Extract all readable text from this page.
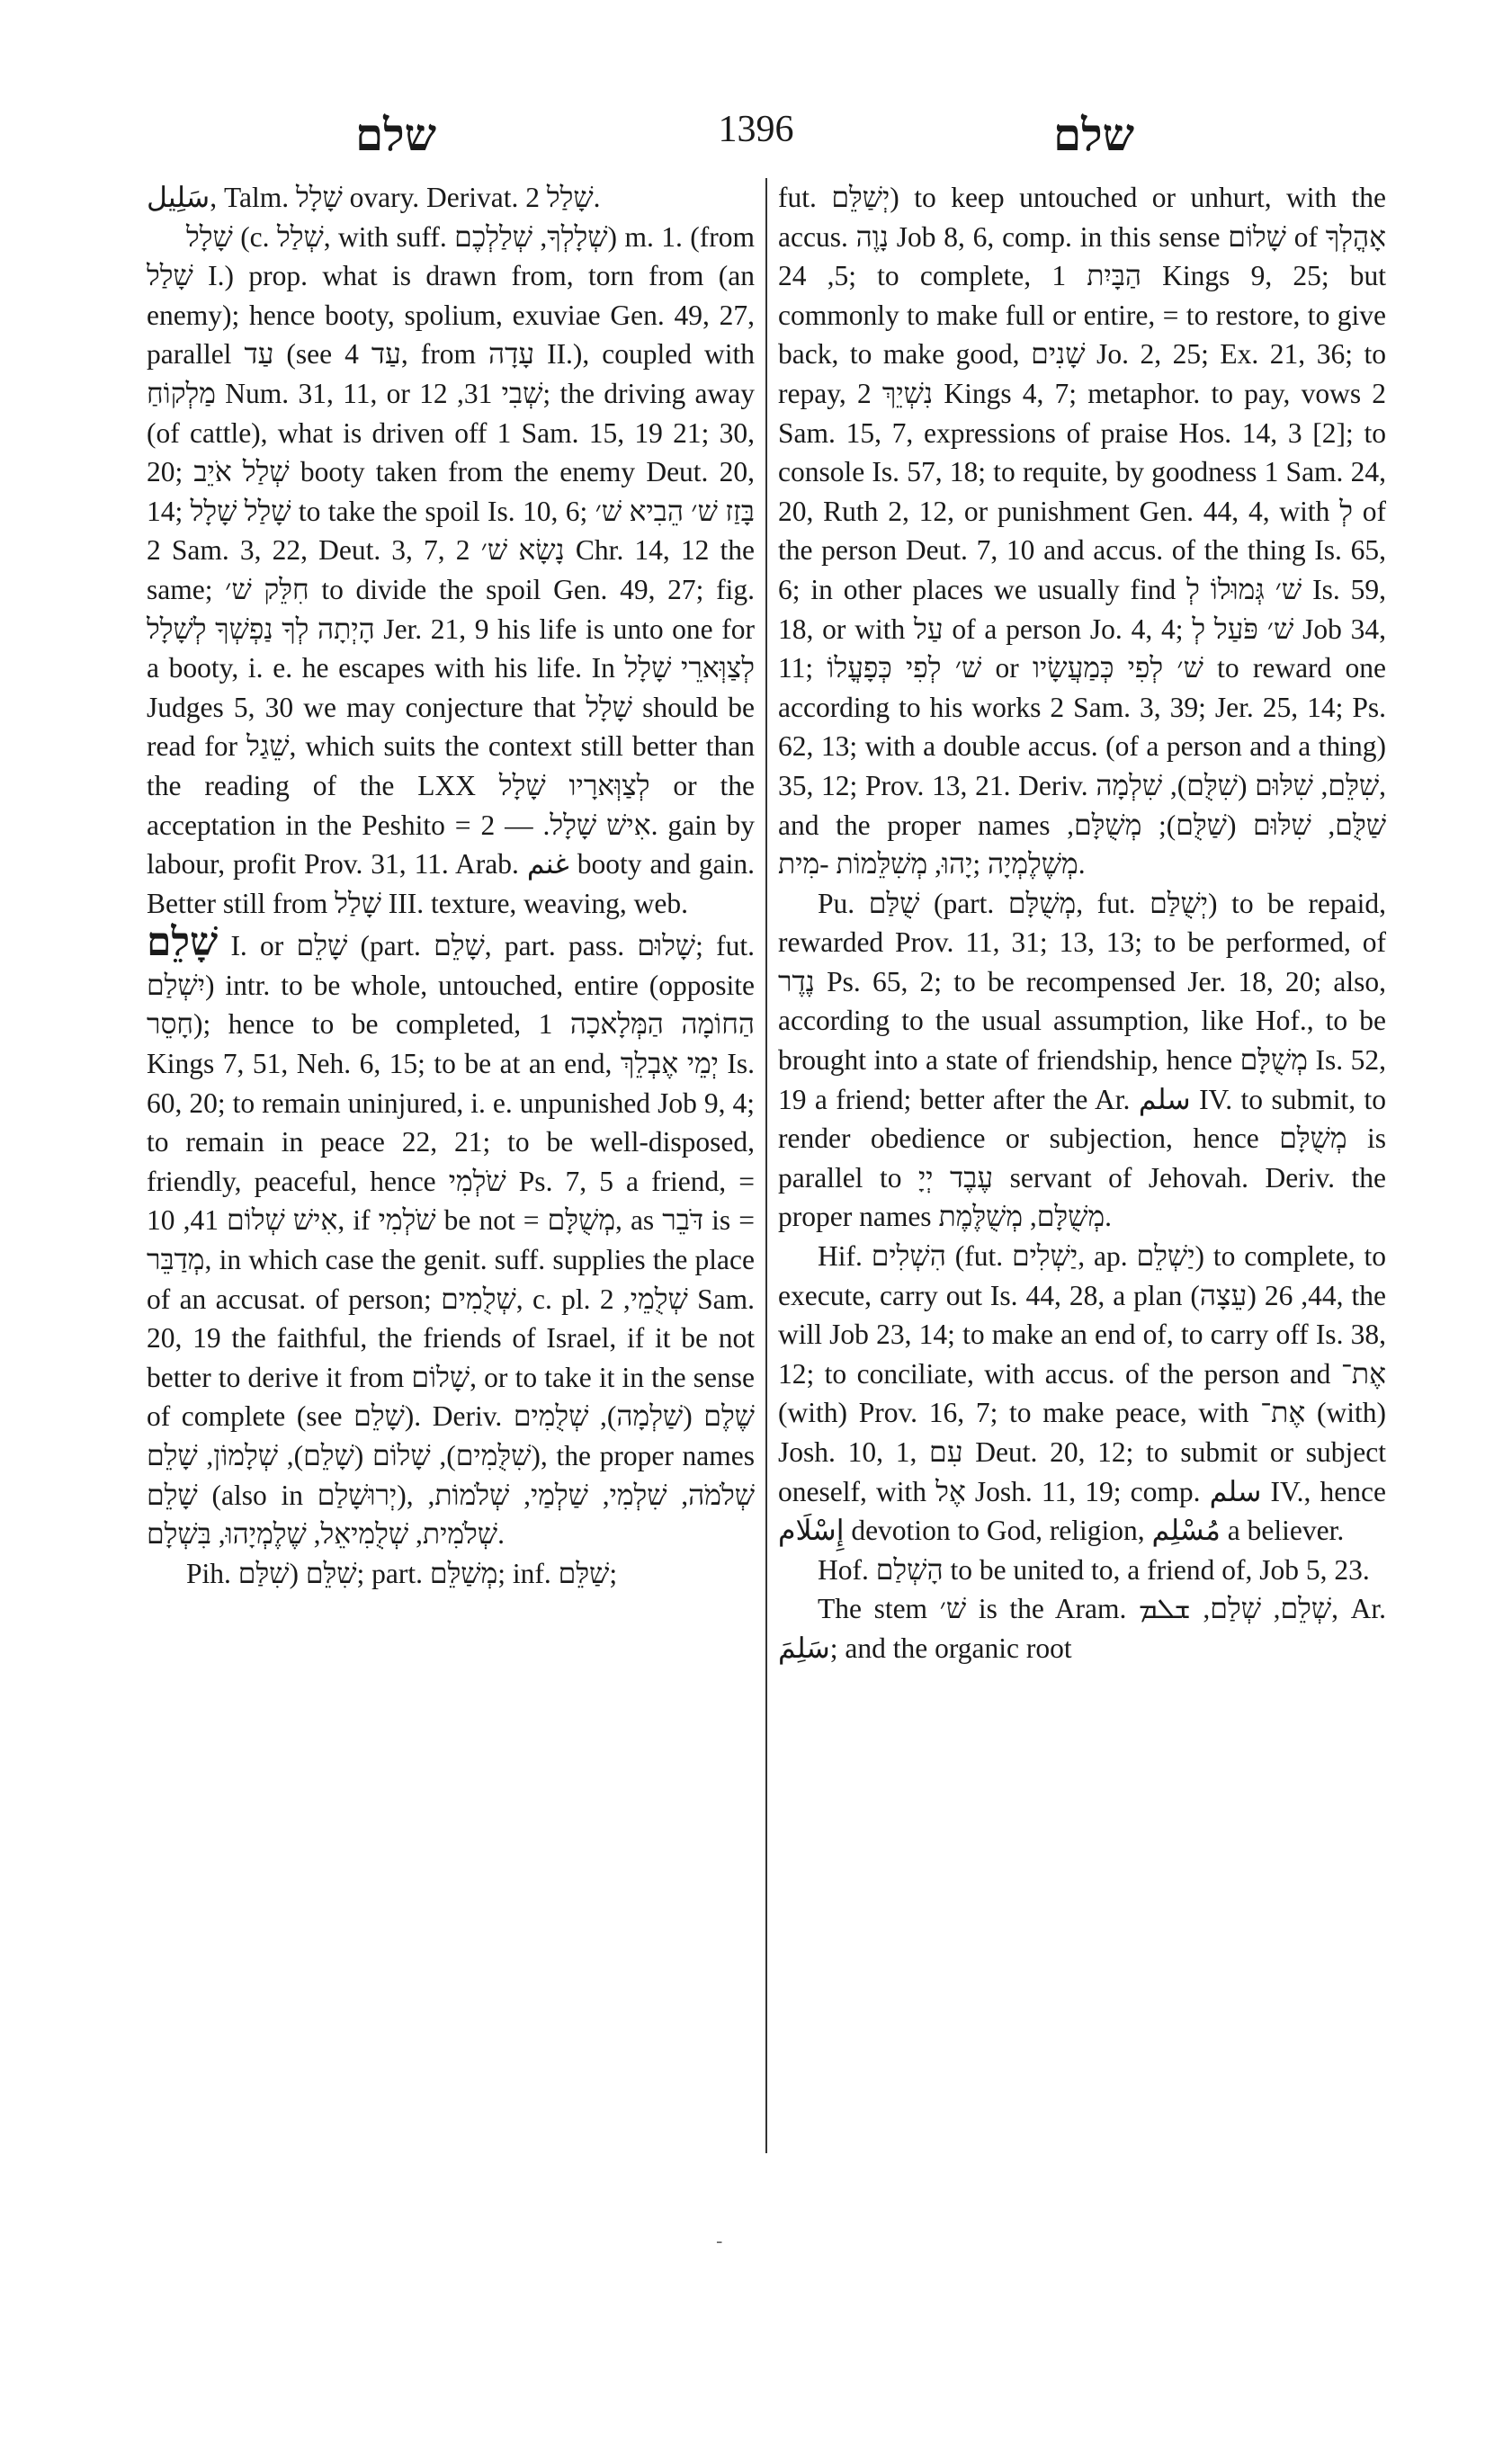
שלם	1396	שלם

سَلِيل, Talm. שָׁלָל ovary. Derivat. שָׁלַל 2.

שָׁלָל (c. שְׁלַל, with suff. שְׁלָלְךָ, שְׁלַלְכֶם) m. 1. (from שָׁלַל I.) prop. what is drawn from, torn from (an enemy); hence booty, spolium, exuviae Gen. 49, 27, parallel עַד (see עַד 4, from עָדָה II.), coupled with מַלְקוֹחַ Num. 31, 11, or שְׁבִי 31, 12; the driving away (of cattle), what is driven off 1 Sam. 15, 19 21; 30, 20; שְׁלַל אֹיֵב booty taken from the enemy Deut. 20, 14; שָׁלַל שָׁלָל to take the spoil Is. 10, 6; בָּזַז שׁ׳ הֵבִיא שׁ׳ 2 Sam. 3, 22, Deut. 3, 7, נָשָׂא שׁ׳ 2 Chr. 14, 12 the same; חִלֵּק שׁ׳ to divide the spoil Gen. 49, 27; fig. הָיְתָה לְךָ נַפְשְׁךָ לְשָׁלָל Jer. 21, 9 his life is unto one for a booty, i. e. he escapes with his life. In לְצַוְּארֵי שָׁלָל Judges 5, 30 we may conjecture that שָׁלָל should be read for שֵׁגַל, which suits the context still better than the reading of the LXX לְצַוְּארָיו שָׁלָל or the acceptation in the Peshito = אִישׁ שָׁלָל. — 2. gain by labour, profit Prov. 31, 11. Arab. غنم booty and gain. Better still from שָׁלַל III. texture, weaving, web.

שָׁלֵם I. or שָׁלֵם (part. שָׁלֵם, part. pass. שָׁלוּם; fut. יִשְׁלַם) intr. to be whole, untouched, entire (opposite חָסֵר); hence to be completed, הַחוֹמָה הַמְּלָאכָה 1 Kings 7, 51, Neh. 6, 15; to be at an end, יְמֵי אֶבְלֵךְ Is. 60, 20; to remain uninjured, i. e. unpunished Job 9, 4; to remain in peace 22, 21; to be well-disposed, friendly, peaceful, hence שֹׁלְמִי Ps. 7, 5 a friend, = אִישׁ שְׁלוֹם 41, 10, if שֹׁלְמִי be not = מְשֻׁלָּם, as דֹּבֵר is = מְדַבֵּר, in which case the genit. suff. supplies the place of an accusat. of person; שְׁלֻמִים, c. pl. שְׁלֻמֵי, 2 Sam. 20, 19 the faithful, the friends of Israel, if it be not better to derive it from שָׁלוֹם, or to take it in the sense of complete (see שָׁלֵם). Deriv. שֶׁלֶם (שַׁלְמָה), שְׁלֻמִים (שִׁלֻּמִים), שָׁלוֹם (שָׁלֵם), שְׁלָמוֹן, שָׁלֵם, the proper names שָׁלֵם (also in יְרוּשָׁלַם), שְׁלֹמֹה, שִׁלְמִי, שַׁלְמַי, שְׁלֹמוֹת, שְׁלֹמִית, שְׁלֻמִיאֵל, שֶׁלֶמְיָהוּ, בִּשְׁלָם.

Pih. שִׁלֵּם (שִׁלַּם; part. מְשַׁלֵּם; inf. שַׁלֵּם;

fut. יְשַׁלֵּם) to keep untouched or unhurt, with the accus. נָוֶה Job 8, 6, comp. in this sense שָׁלוֹם of אָהֳלְךָ 5, 24; to complete, הַבָּיִת 1 Kings 9, 25; but commonly to make full or entire, = to restore, to give back, to make good, שָׁנִים Jo. 2, 25; Ex. 21, 36; to repay, נִשְׁיֵךְ 2 Kings 4, 7; metaphor. to pay, vows 2 Sam. 15, 7, expressions of praise Hos. 14, 3 [2]; to console Is. 57, 18; to requite, by goodness 1 Sam. 24, 20, Ruth 2, 12, or punishment Gen. 44, 4, with לְ of the person Deut. 7, 10 and accus. of the thing Is. 65, 6; in other places we usually find שׁ׳ גְּמוּלוֹ לְ Is. 59, 18, or with עַל of a person Jo. 4, 4; שׁ׳ פֹּעַל לְ Job 34, 11; שׁ׳ לְפִי כְּפָעֳלוֹ or שׁ׳ לְפִי כְּמַעֲשָׂיו to reward one according to his works 2 Sam. 3, 39; Jer. 25, 14; Ps. 62, 13; with a double accus. (of a person and a thing) 35, 12; Prov. 13, 21. Deriv. שִׁלֵּם, שִׁלּוּם (שִׁלֻּם), שִׁלְמָה, and the proper names שַׁלֻּם, שִׁלּוּם (שַׁלֻּם); מְשֻׁלָּם, מְשֶׁלֶמְיָה ;יָהוּ, מְשִׁלֵּמוֹת -מִית.

Pu. שֻׁלַּם (part. מְשֻׁלָּם, fut. יְשֻׁלַּם) to be repaid, rewarded Prov. 11, 31; 13, 13; to be performed, of נֶדֶר Ps. 65, 2; to be recompensed Jer. 18, 20; also, according to the usual assumption, like Hof., to be brought into a state of friendship, hence מְשֻׁלָּם Is. 52, 19 a friend; better after the Ar. سلم IV. to submit, to render obedience or subjection, hence מְשֻׁלָּם is parallel to עֶבֶד יְיָ servant of Jehovah. Deriv. the proper names מְשֻׁלָּם, מְשֻׁלֶּמֶת.

Hif. הִשְׁלִים (fut. יַשְׁלִים, ap. יַשְׁלֵם) to complete, to execute, carry out Is. 44, 28, a plan (עֵצָה) 44, 26, the will Job 23, 14; to make an end of, to carry off Is. 38, 12; to conciliate, with accus. of the person and אֶת־ (with) Prov. 16, 7; to make peace, with אֶת־ (with) Josh. 10, 1, עִם Deut. 20, 12; to submit or subject oneself, with אֶל Josh. 11, 19; comp. سلم IV., hence إِسْلَام devotion to God, religion, مُسْلِم a believer.

Hof. הָשְׁלַם to be united to, a friend of, Job 5, 23.

The stem שׁ׳ is the Aram. שְׁלֵם, שְׁלַם, ܫܠܡ, Ar. سَلِمَ; and the organic root

-
